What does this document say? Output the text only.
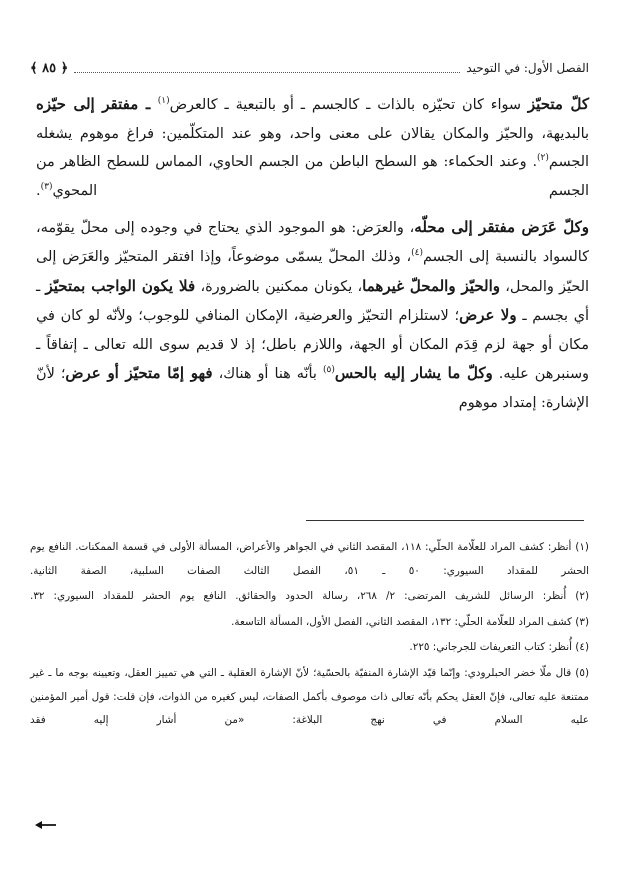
الفصل الأول: في التوحيد
﴿ ٨٥ ﴾

كلّ متحيّز سواء كان تحيّزه بالذات ـ كالجسم ـ أو بالتبعية ـ كالعرض$^{(١)}$ ـ مفتقر إلى حيّزه بالبديهة، والحيّز والمكان يقالان على معنى واحد، وهو عند المتكلّمين: فراغ موهوم يشغله الجسم$^{(٢)}$. وعند الحكماء: هو السطح الباطن من الجسم الحاوي، المماس للسطح الظاهر من الجسم المحوي$^{(٣)}$.

وكلّ عَرَض مفتقر إلى محلّه، والعرَض: هو الموجود الذي يحتاج في وجوده إلى محلّ يقوّمه، كالسواد بالنسبة إلى الجسم$^{(٤)}$، وذلك المحلّ يسمّى موضوعاً، وإذا افتقر المتحيّز والعَرَض إلى الحيّز والمحل، والحيّز والمحلّ غيرهما، يكونان ممكنين بالضرورة، فلا يكون الواجب بمتحيّز ـ أي بجسم ـ ولا عرض؛ لاستلزام التحيّز والعرضية، الإمكان المنافي للوجوب؛ ولأنّه لو كان في مكان أو جهة لزم قِدَم المكان أو الجهة، واللازم باطل؛ إذ لا قديم سوى الله تعالى ـ إتفاقاً ـ وسنبرهن عليه. وكلّ ما يشار إليه بالحس$^{(٥)}$ بأنّه هنا أو هناك، فهو إمّا متحيّز أو عرض؛ لأنّ الإشارة: إمتداد موهوم

(١) أنظر: كشف المراد للعلّامة الحلّي: ١١٨، المقصد الثاني في الجواهر والأعراض، المسألة الأولى في قسمة الممكنات. النافع يوم الحشر للمقداد السيوري: ٥٠ ـ ٥١، الفصل الثالث الصفات السلبية، الصفة الثانية.
(٢) أُنظر: الرسائل للشريف المرتضى: ٢/ ٢٦٨، رسالة الحدود والحقائق. النافع يوم الحشر للمقداد السيوري: ٣٢.
(٣) كشف المراد للعلّامة الحلّي: ١٣٢، المقصد الثاني، الفصل الأول، المسألة التاسعة.
(٤) أُنظر: كتاب التعريفات للجرجاني: ٢٢٥.
(٥) قال ملّا خضر الحبلرودي: وإنّما قيّد الإشارة المنفيّة بالحسّية؛ لأنّ الإشارة العقلية ـ التي هي تمييز العقل، وتعيينه بوجه ما ـ غير ممتنعة عليه تعالى، فإنّ العقل يحكم بأنّه تعالى ذات موصوف بأكمل الصفات، ليس كغيره من الذوات، فإن قلت: قول أمير المؤمنين عليه السلام في نهج البلاغة: «من أشار إليه فقد
